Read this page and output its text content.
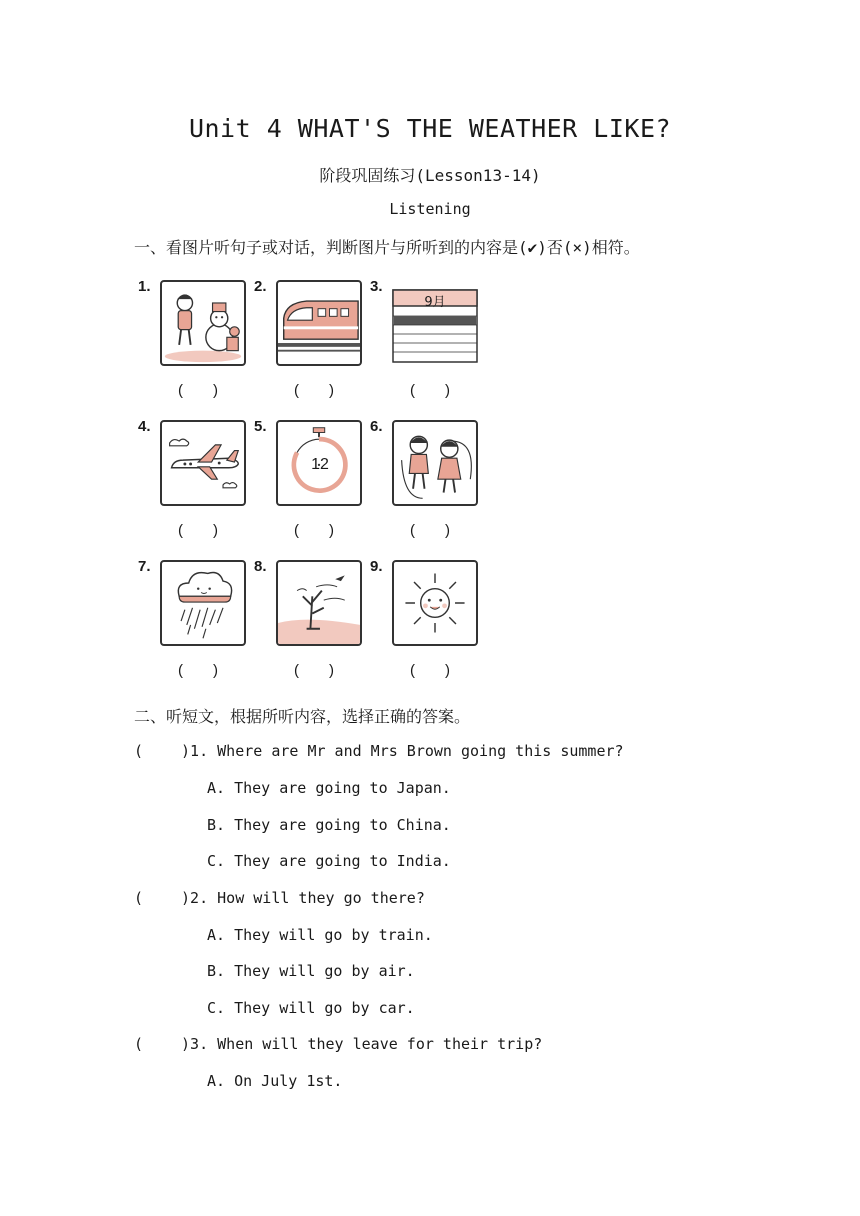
Unit 4 WHAT'S THE WEATHER LIKE?
阶段巩固练习(Lesson13-14)
Listening
一、看图片听句子或对话，判断图片与所听到的内容是(✔)否(×)相符。
1.
( )
2.
( )
3.
9月
( )
4.
( )
5.
12
( )
6.
( )
7.
( )
8.
( )
9.
( )
二、听短文，根据所听内容，选择正确的答案。
(	)1. Where are Mr and Mrs Brown going this summer?
A. They are going to Japan.
B. They are going to China.
C. They are going to India.
(	)2. How will they go there?
A. They will go by train.
B. They will go by air.
C. They will go by car.
(	)3. When will they leave for their trip?
A. On July 1st.
